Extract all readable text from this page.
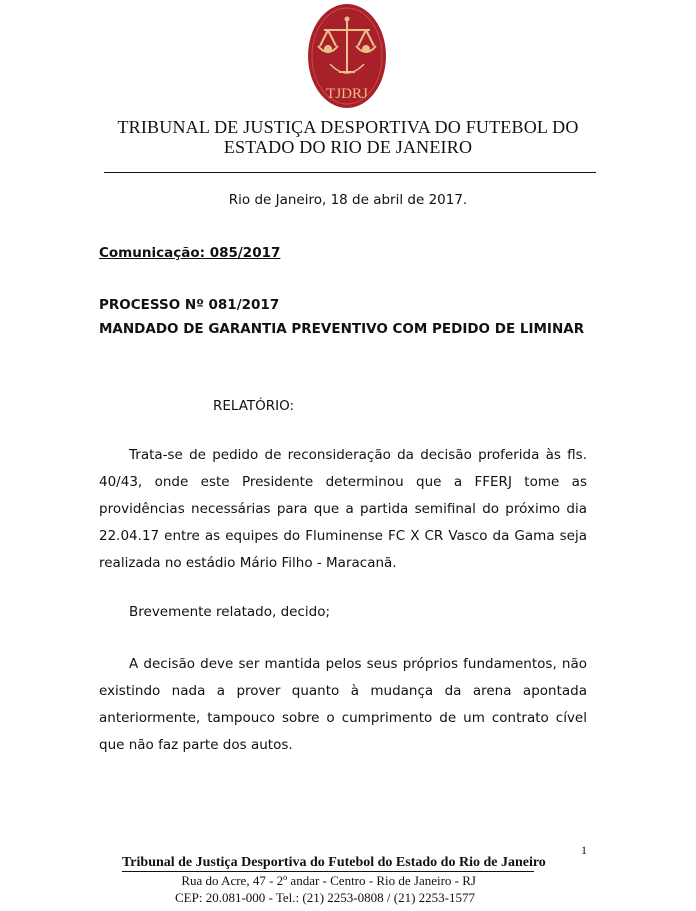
TJDRJ
TRIBUNAL DE JUSTIÇA DESPORTIVA DO FUTEBOL DO
ESTADO DO RIO DE JANEIRO
Rio de Janeiro, 18 de abril de 2017.
Comunicação: 085/2017
PROCESSO Nº 081/2017
MANDADO DE GARANTIA PREVENTIVO COM PEDIDO DE LIMINAR
RELATÓRIO:

Trata-se de pedido de reconsideração da decisão proferida às fls. 40/43, onde este Presidente determinou que a FFERJ tome as providências necessárias para que a partida semifinal do próximo dia 22.04.17 entre as equipes do Fluminense FC X CR Vasco da Gama seja realizada no estádio Mário Filho - Maracanã.

Brevemente relatado, decido;

A decisão deve ser mantida pelos seus próprios fundamentos, não existindo nada a prover quanto à mudança da arena apontada anteriormente, tampouco sobre o cumprimento de um contrato cível que não faz parte dos autos.

1
Tribunal de Justiça Desportiva do Futebol do Estado do Rio de Janeiro
Rua do Acre, 47 - 2º andar - Centro - Rio de Janeiro - RJ
CEP: 20.081-000 - Tel.: (21) 2253-0808 / (21) 2253-1577
